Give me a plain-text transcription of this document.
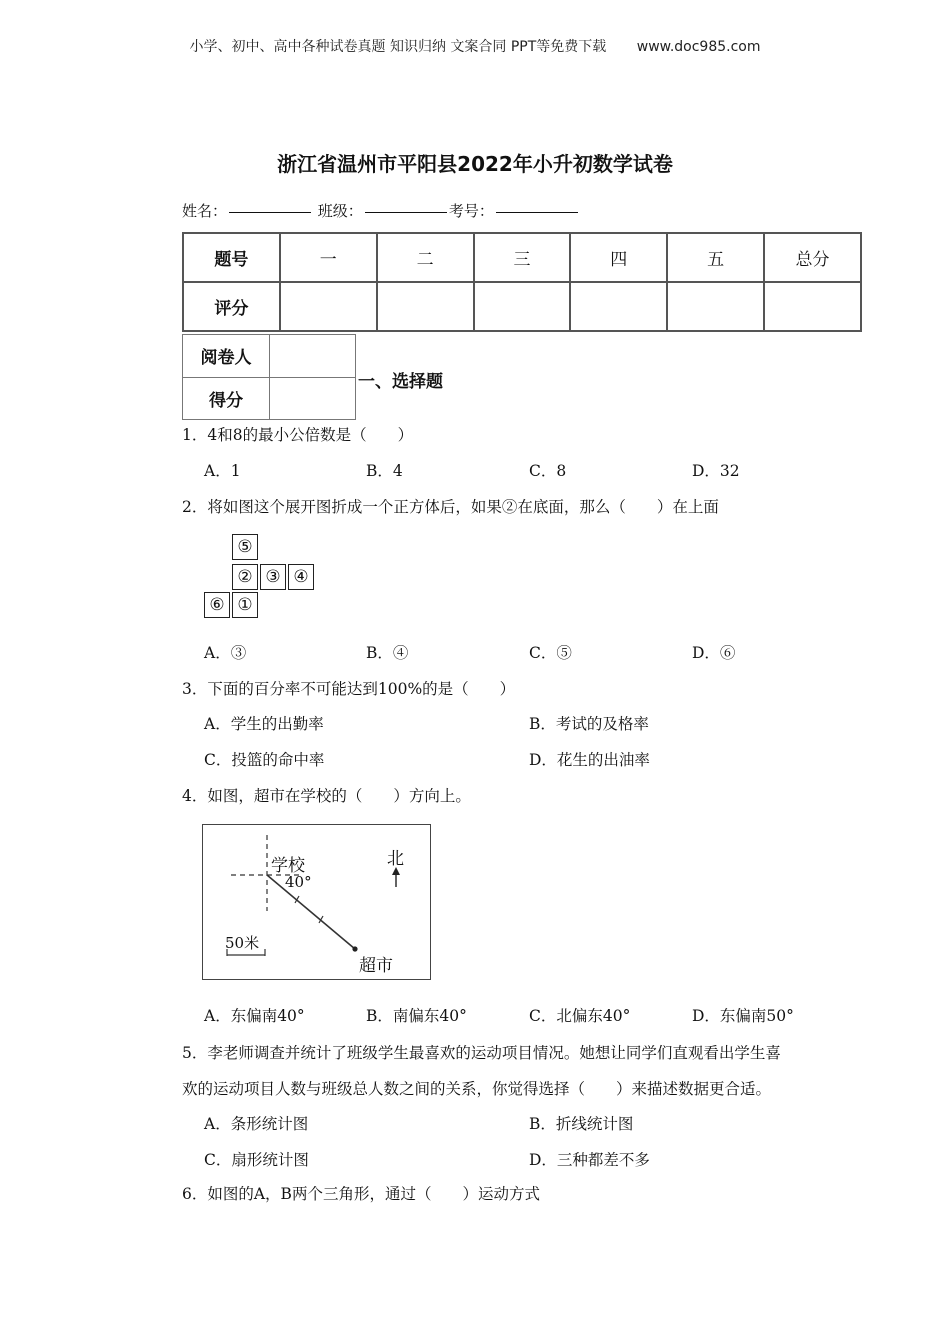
小学、初中、高中各种试卷真题 知识归纳 文案合同 PPT等免费下载 www.doc985.com
浙江省温州市平阳县2022年小升初数学试卷
姓名：	班级：	考号：
题号	一	二	三	四	五	总分
评分						
阅卷人	
得分	
一、选择题
1．4和8的最小公倍数是（　　）
A．1	B．4	C．8	D．32
2．将如图这个展开图折成一个正方体后，如果②在底面，那么（　　）在上面
⑤
② ③ ④
⑥ ①
A．③	B．④	C．⑤	D．⑥
3．下面的百分率不可能达到100%的是（　　）
A．学生的出勤率	B．考试的及格率
C．投篮的命中率	D．花生的出油率
4．如图，超市在学校的（　　）方向上。
学校
40°
北
50米
超市
A．东偏南40°	B．南偏东40°	C．北偏东40°	D．东偏南50°
5．李老师调查并统计了班级学生最喜欢的运动项目情况。她想让同学们直观看出学生喜
欢的运动项目人数与班级总人数之间的关系，你觉得选择（　　）来描述数据更合适。
A．条形统计图	B．折线统计图
C．扇形统计图	D．三种都差不多
6．如图的A，B两个三角形，通过（　　）运动方式
